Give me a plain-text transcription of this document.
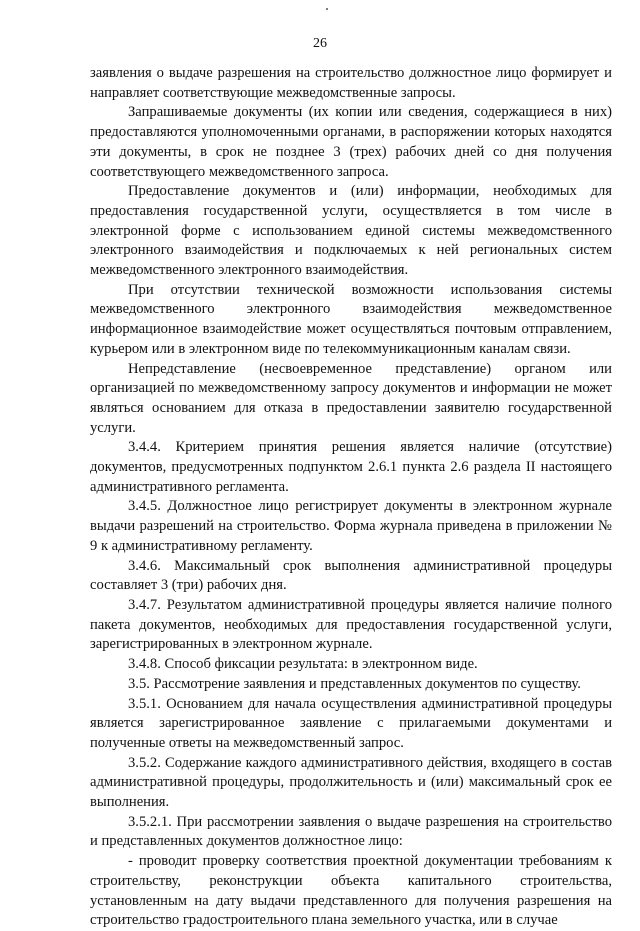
26

заявления о выдаче разрешения на строительство должностное лицо формирует и направляет соответствующие межведомственные запросы.

Запрашиваемые документы (их копии или сведения, содержащиеся в них) предоставляются уполномоченными органами, в распоряжении которых находятся эти документы, в срок не позднее 3 (трех) рабочих дней со дня получения соответствующего межведомственного запроса.

Предоставление документов и (или) информации, необходимых для предоставления государственной услуги, осуществляется в том числе в электронной форме с использованием единой системы межведомственного электронного взаимодействия и подключаемых к ней региональных систем межведомственного электронного взаимодействия.

При отсутствии технической возможности использования системы межведомственного электронного взаимодействия межведомственное информационное взаимодействие может осуществляться почтовым отправлением, курьером или в электронном виде по телекоммуникационным каналам связи.

Непредставление (несвоевременное представление) органом или организацией по межведомственному запросу документов и информации не может являться основанием для отказа в предоставлении заявителю государственной услуги.

3.4.4. Критерием принятия решения является наличие (отсутствие) документов, предусмотренных подпунктом 2.6.1 пункта 2.6 раздела II настоящего административного регламента.

3.4.5. Должностное лицо регистрирует документы в электронном журнале выдачи разрешений на строительство. Форма журнала приведена в приложении № 9 к административному регламенту.

3.4.6. Максимальный срок выполнения административной процедуры составляет 3 (три) рабочих дня.

3.4.7. Результатом административной процедуры является наличие полного пакета документов, необходимых для предоставления государственной услуги, зарегистрированных в электронном журнале.

3.4.8. Способ фиксации результата: в электронном виде.

3.5. Рассмотрение заявления и представленных документов по существу.

3.5.1. Основанием для начала осуществления административной процедуры является зарегистрированное заявление с прилагаемыми документами и полученные ответы на межведомственный запрос.

3.5.2. Содержание каждого административного действия, входящего в состав административной процедуры, продолжительность и (или) максимальный срок ее выполнения.

3.5.2.1. При рассмотрении заявления о выдаче разрешения на строительство и представленных документов должностное лицо:

- проводит проверку соответствия проектной документации требованиям к строительству, реконструкции объекта капитального строительства, установленным на дату выдачи представленного для получения разрешения на строительство градостроительного плана земельного участка, или в случае
